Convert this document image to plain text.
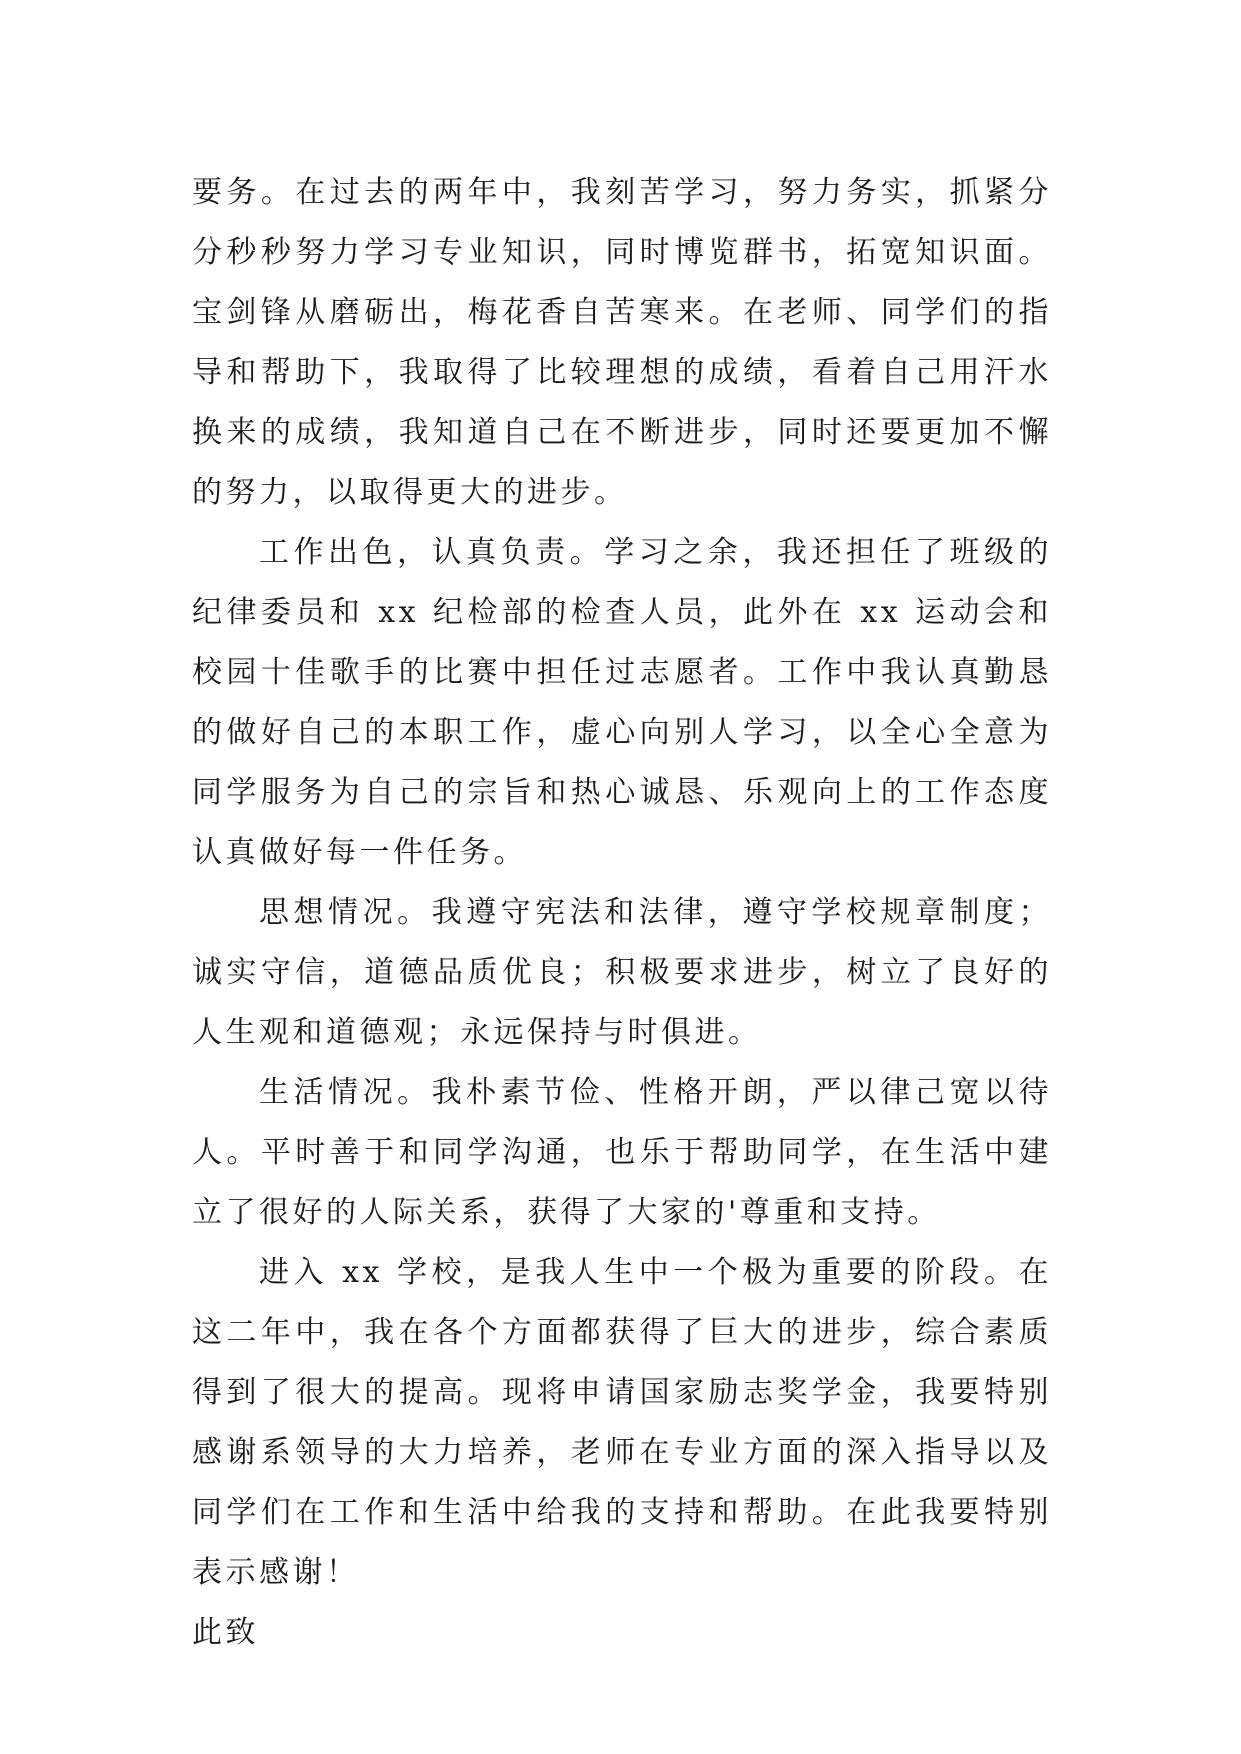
要务。在过去的两年中，我刻苦学习，努力务实，抓紧分分秒秒努力学习专业知识，同时博览群书，拓宽知识面。宝剑锋从磨砺出，梅花香自苦寒来。在老师、同学们的指导和帮助下，我取得了比较理想的成绩，看着自己用汗水换来的成绩，我知道自己在不断进步，同时还要更加不懈的努力，以取得更大的进步。

工作出色，认真负责。学习之余，我还担任了班级的纪律委员和 xx 纪检部的检查人员，此外在 xx 运动会和校园十佳歌手的比赛中担任过志愿者。工作中我认真勤恳的做好自己的本职工作，虚心向别人学习，以全心全意为同学服务为自己的宗旨和热心诚恳、乐观向上的工作态度认真做好每一件任务。

思想情况。我遵守宪法和法律，遵守学校规章制度；诚实守信，道德品质优良；积极要求进步，树立了良好的人生观和道德观；永远保持与时俱进。

生活情况。我朴素节俭、性格开朗，严以律己宽以待人。平时善于和同学沟通，也乐于帮助同学，在生活中建立了很好的人际关系，获得了大家的'尊重和支持。

进入 xx 学校，是我人生中一个极为重要的阶段。在这二年中，我在各个方面都获得了巨大的进步，综合素质得到了很大的提高。现将申请国家励志奖学金，我要特别感谢系领导的大力培养，老师在专业方面的深入指导以及同学们在工作和生活中给我的支持和帮助。在此我要特别表示感谢！

此致
